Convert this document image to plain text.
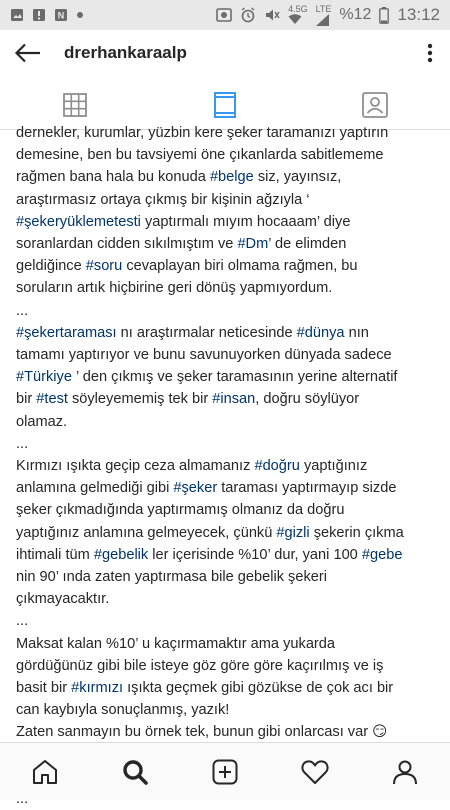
N
4.5G LTE %12 13:12
drerhankaraalp
dernekler, kurumlar, yüzbin kere şeker taramanızı yaptırın
demesine, ben bu tavsiyemi öne çıkanlarda sabitlememe
rağmen bana hala bu konuda #belge siz, yayınsız,
araştırmasız ortaya çıkmış bir kişinin ağzıyla ‘
#şekeryüklemetesti yaptırmalı mıyım hocaaam’ diye
soranlardan cidden sıkılmıştım ve #Dm’ de elimden
geldiğince #soru cevaplayan biri olmama rağmen, bu
soruların artık hiçbirine geri dönüş yapmıyordum.
...
#şekertaraması nı araştırmalar neticesinde #dünya nın
tamamı yaptırıyor ve bunu savunuyorken dünyada sadece
#Türkiye ’ den çıkmış ve şeker taramasının yerine alternatif
bir #test söyleyememiş tek bir #insan, doğru söylüyor
olamaz.
...
Kırmızı ışıkta geçip ceza almamanız #doğru yaptığınız
anlamına gelmediği gibi #şeker taraması yaptırmayıp sizde
şeker çıkmadığında yaptırmamış olmanız da doğru
yaptığınız anlamına gelmeyecek, çünkü #gizli şekerin çıkma
ihtimali tüm #gebelik ler içerisinde %10’ dur, yani 100 #gebe
nin 90’ ında zaten yaptırmasa bile gebelik şekeri
çıkmayacaktır.
...
Maksat kalan %10’ u kaçırmamaktır ama yukarda
gördüğünüz gibi bile isteye göz göre göre kaçırılmış ve iş
basit bir #kırmızı ışıkta geçmek gibi gözükse de çok acı bir
can kaybıyla sonuçlanmış, yazık!
Zaten sanmayın bu örnek tek, bunun gibi onlarcası var 😏
